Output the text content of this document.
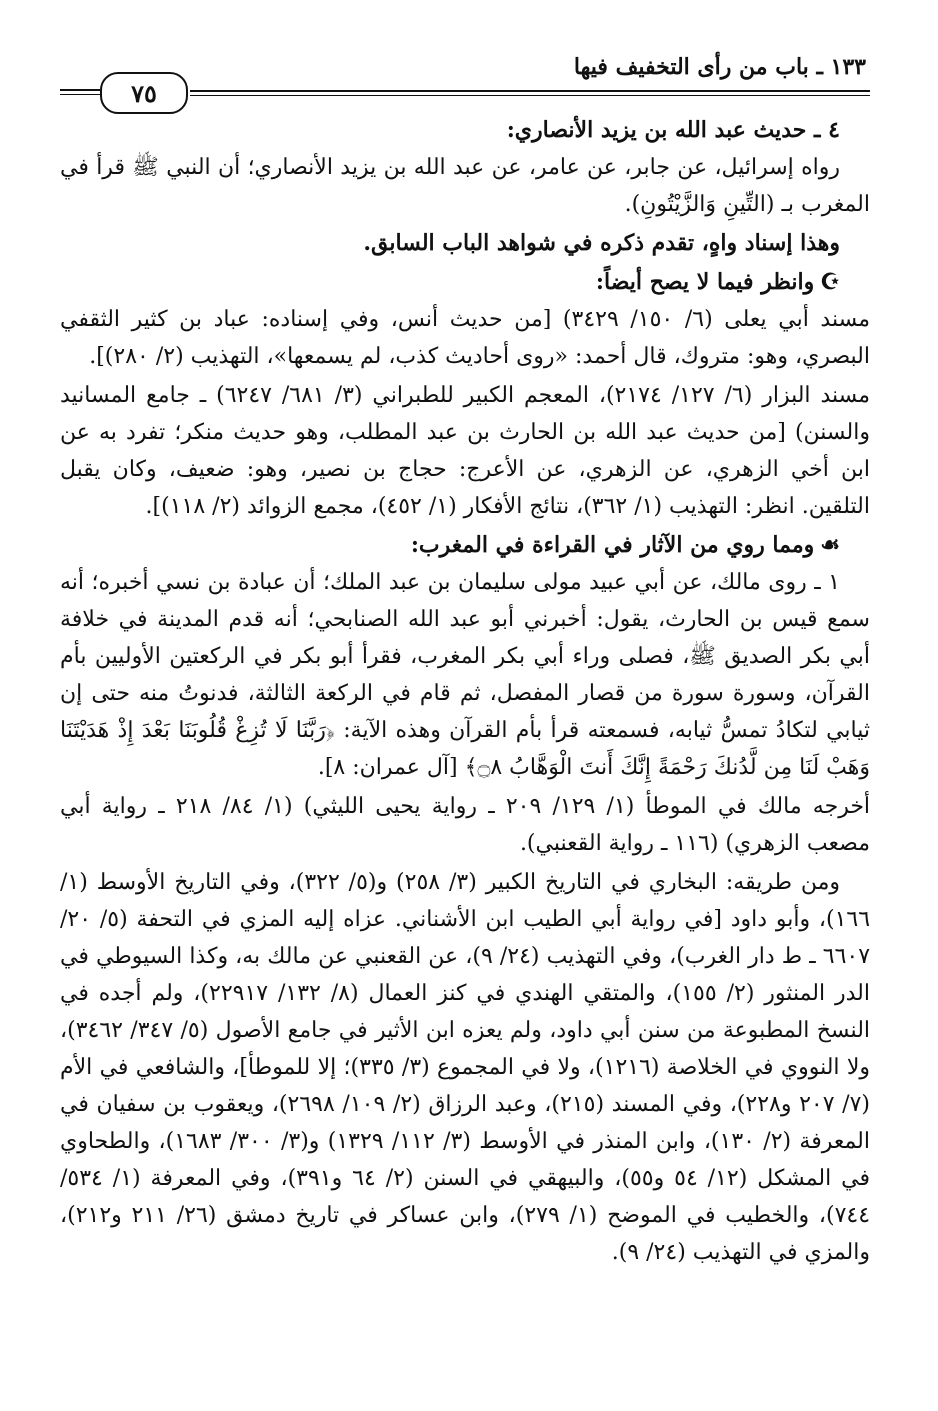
١٣٣ ـ باب من رأى التخفيف فيها
٧٥

٤ ـ حديث عبد الله بن يزيد الأنصاري:

رواه إسرائيل، عن جابر، عن عامر، عن عبد الله بن يزيد الأنصاري؛ أن النبي ﷺ قرأ في المغرب بـ (التِّينِ وَالزَّيْتُونِ).

وهذا إسناد واهٍ، تقدم ذكره في شواهد الباب السابق.

☪وانظر فيما لا يصح أيضاً:

مسند أبي يعلى (٦/ ١٥٠/ ٣٤٢٩) [من حديث أنس، وفي إسناده: عباد بن كثير الثقفي البصري، وهو: متروك، قال أحمد: «روى أحاديث كذب، لم يسمعها»، التهذيب (٢/ ٢٨٠)].

مسند البزار (٦/ ١٢٧/ ٢١٧٤)، المعجم الكبير للطبراني (٣/ ٦٨١/ ٦٢٤٧) ـ جامع المسانيد والسنن) [من حديث عبد الله بن الحارث بن عبد المطلب، وهو حديث منكر؛ تفرد به عن ابن أخي الزهري، عن الزهري، عن الأعرج: حجاج بن نصير، وهو: ضعيف، وكان يقبل التلقين. انظر: التهذيب (١/ ٣٦٢)، نتائج الأفكار (١/ ٤٥٢)، مجمع الزوائد (٢/ ١١٨)].

☙ومما روي من الآثار في القراءة في المغرب:

١ ـ روى مالك، عن أبي عبيد مولى سليمان بن عبد الملك؛ أن عبادة بن نسي أخبره؛ أنه سمع قيس بن الحارث، يقول: أخبرني أبو عبد الله الصنابحي؛ أنه قدم المدينة في خلافة أبي بكر الصديق ﷺ، فصلى وراء أبي بكر المغرب، فقرأ أبو بكر في الركعتين الأوليين بأم القرآن، وسورة سورة من قصار المفصل، ثم قام في الركعة الثالثة، فدنوتُ منه حتى إن ثيابي لتكادُ تمسُّ ثيابه، فسمعته قرأ بأم القرآن وهذه الآية: ﴿رَبَّنَا لَا تُزِغْ قُلُوبَنَا بَعْدَ إِذْ هَدَيْتَنَا وَهَبْ لَنَا مِن لَّدُنكَ رَحْمَةً إِنَّكَ أَنتَ الْوَهَّابُ ۝٨﴾ [آل عمران: ٨].

أخرجه مالك في الموطأ (١/ ١٢٩/ ٢٠٩ ـ رواية يحيى الليثي) (١/ ٨٤/ ٢١٨ ـ رواية أبي مصعب الزهري) (١١٦ ـ رواية القعنبي).

ومن طريقه: البخاري في التاريخ الكبير (٣/ ٢٥٨) و(٥/ ٣٢٢)، وفي التاريخ الأوسط (١/ ١٦٦)، وأبو داود [في رواية أبي الطيب ابن الأشناني. عزاه إليه المزي في التحفة (٥/ ٢٠/ ٦٦٠٧ ـ ط دار الغرب)، وفي التهذيب (٢٤/ ٩)، عن القعنبي عن مالك به، وكذا السيوطي في الدر المنثور (٢/ ١٥٥)، والمتقي الهندي في كنز العمال (٨/ ١٣٢/ ٢٢٩١٧)، ولم أجده في النسخ المطبوعة من سنن أبي داود، ولم يعزه ابن الأثير في جامع الأصول (٥/ ٣٤٧/ ٣٤٦٢)، ولا النووي في الخلاصة (١٢١٦)، ولا في المجموع (٣/ ٣٣٥)؛ إلا للموطأ]، والشافعي في الأم (٧/ ٢٠٧ و٢٢٨)، وفي المسند (٢١٥)، وعبد الرزاق (٢/ ١٠٩/ ٢٦٩٨)، ويعقوب بن سفيان في المعرفة (٢/ ١٣٠)، وابن المنذر في الأوسط (٣/ ١١٢/ ١٣٢٩) و(٣/ ٣٠٠/ ١٦٨٣)، والطحاوي في المشكل (١٢/ ٥٤ و٥٥)، والبيهقي في السنن (٢/ ٦٤ و٣٩١)، وفي المعرفة (١/ ٥٣٤/ ٧٤٤)، والخطيب في الموضح (١/ ٢٧٩)، وابن عساكر في تاريخ دمشق (٢٦/ ٢١١ و٢١٢)، والمزي في التهذيب (٢٤/ ٩).
